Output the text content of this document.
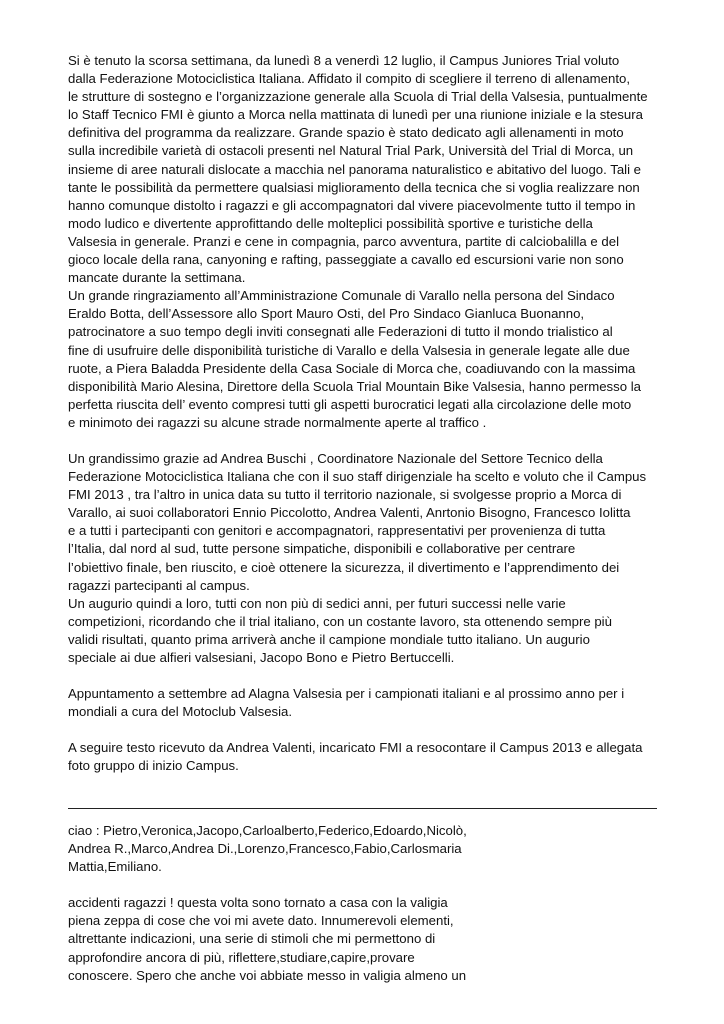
Si è tenuto la scorsa settimana, da lunedì 8 a venerdì 12 luglio, il Campus Juniores Trial voluto
dalla Federazione Motociclistica Italiana. Affidato il compito di scegliere il terreno di allenamento,
le strutture di sostegno e l’organizzazione generale alla Scuola di Trial della Valsesia, puntualmente
lo Staff Tecnico FMI è giunto a Morca nella mattinata di lunedì per una riunione iniziale e la stesura
definitiva del programma da realizzare. Grande spazio è stato dedicato agli allenamenti in moto
sulla incredibile varietà di ostacoli presenti nel Natural Trial Park, Università del Trial di Morca, un
insieme di aree naturali dislocate a macchia nel panorama naturalistico e abitativo del luogo. Tali e
tante le possibilità da permettere qualsiasi miglioramento della tecnica che si voglia realizzare non
hanno comunque distolto i ragazzi e gli accompagnatori dal vivere piacevolmente tutto il tempo in
modo ludico e divertente approfittando delle molteplici possibilità sportive e turistiche della
Valsesia in generale. Pranzi e cene in compagnia, parco avventura, partite di calciobalilla e del
gioco locale della rana, canyoning e rafting, passeggiate a cavallo ed escursioni varie non sono
mancate durante la settimana.

Un grande ringraziamento all’Amministrazione Comunale di Varallo nella persona del Sindaco
Eraldo Botta, dell’Assessore allo Sport Mauro Osti, del Pro Sindaco Gianluca Buonanno,
patrocinatore a suo tempo degli inviti consegnati alle Federazioni di tutto il mondo trialistico al
fine di usufruire delle disponibilità turistiche di Varallo e della Valsesia in generale legate alle due
ruote, a Piera Baladda Presidente della Casa Sociale di Morca che, coadiuvando con la massima
disponibilità Mario Alesina, Direttore della Scuola Trial Mountain Bike Valsesia, hanno permesso la
perfetta riuscita dell’ evento compresi tutti gli aspetti burocratici legati alla circolazione delle moto
e minimoto dei ragazzi su alcune strade normalmente aperte al traffico .

Un grandissimo grazie ad Andrea Buschi , Coordinatore Nazionale del Settore Tecnico della
Federazione Motociclistica Italiana che con il suo staff dirigenziale ha scelto e voluto che il Campus
FMI 2013 , tra l’altro in unica data su tutto il territorio nazionale, si svolgesse proprio a Morca di
Varallo, ai suoi collaboratori Ennio Piccolotto, Andrea Valenti, Anrtonio Bisogno, Francesco Iolitta
e a tutti i partecipanti con genitori e accompagnatori, rappresentativi per provenienza di tutta
l’Italia, dal nord al sud, tutte persone simpatiche, disponibili e collaborative per centrare
l’obiettivo finale, ben riuscito, e cioè ottenere la sicurezza, il divertimento e l’apprendimento dei
ragazzi partecipanti al campus.

Un augurio quindi a loro, tutti con non più di sedici anni, per futuri successi nelle varie
competizioni, ricordando che il trial italiano, con un costante lavoro, sta ottenendo sempre più
validi risultati, quanto prima arriverà anche il campione mondiale tutto italiano. Un augurio
speciale ai due alfieri valsesiani, Jacopo Bono e Pietro Bertuccelli.

Appuntamento a settembre ad Alagna Valsesia per i campionati italiani e al prossimo anno per i
mondiali a cura del Motoclub Valsesia.

A seguire testo ricevuto da Andrea Valenti, incaricato FMI a resocontare il Campus 2013 e allegata
foto gruppo di inizio Campus.

ciao : Pietro,Veronica,Jacopo,Carloalberto,Federico,Edoardo,Nicolò,
Andrea R.,Marco,Andrea Di.,Lorenzo,Francesco,Fabio,Carlosmaria
Mattia,Emiliano.

accidenti ragazzi ! questa volta sono tornato a casa con la valigia
piena zeppa di cose che voi mi avete dato. Innumerevoli elementi,
altrettante indicazioni, una serie di stimoli che mi permettono di
approfondire ancora di più, riflettere,studiare,capire,provare
conoscere. Spero che anche voi abbiate messo in valigia almeno un
